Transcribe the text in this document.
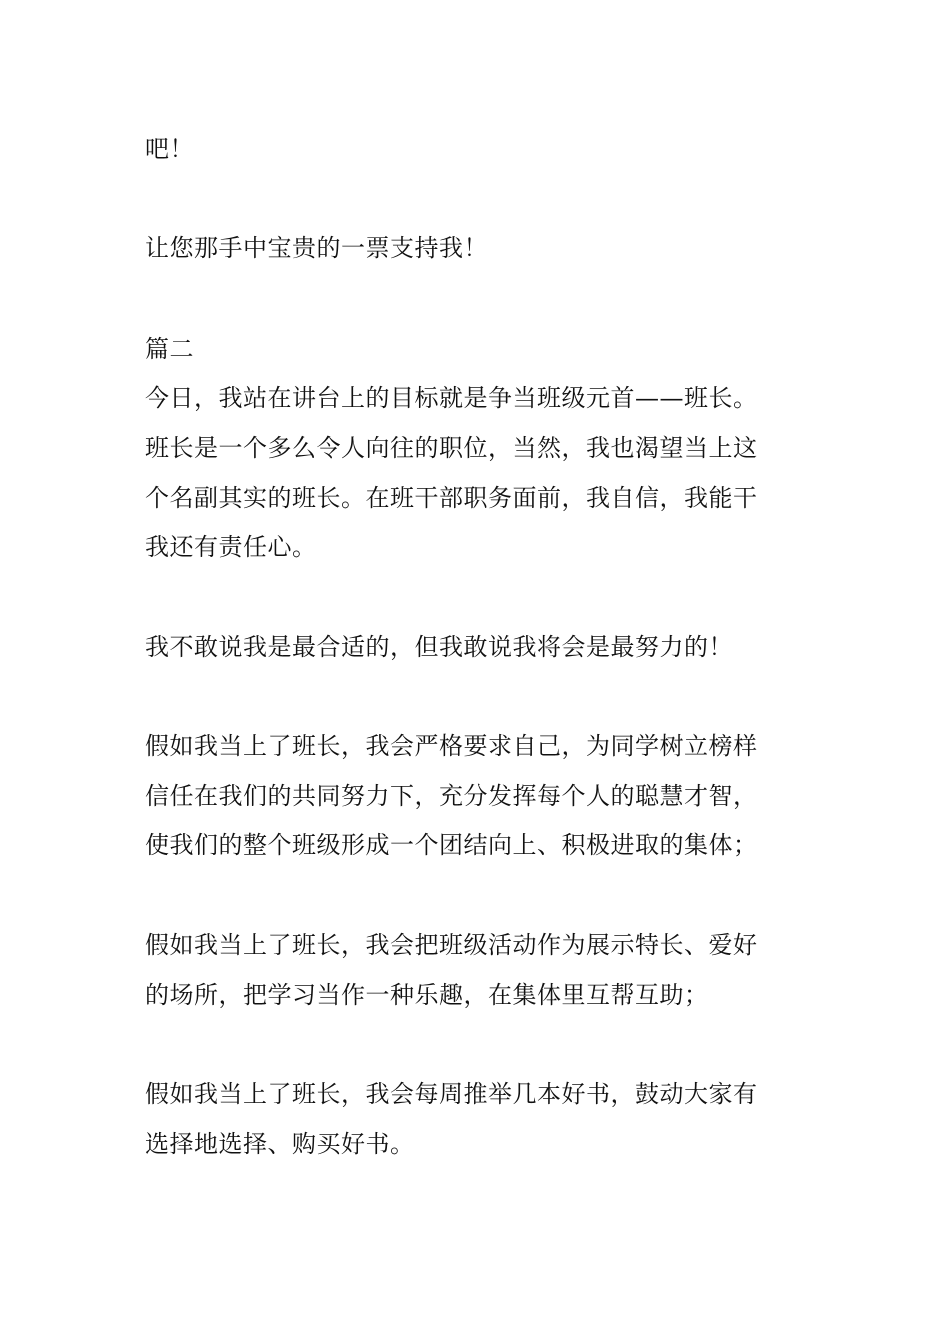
吧！
让您那手中宝贵的一票支持我！
篇二
今日，我站在讲台上的目标就是争当班级元首——班长。
班长是一个多么令人向往的职位，当然，我也渴望当上这
个名副其实的班长。在班干部职务面前，我自信，我能干
我还有责任心。
我不敢说我是最合适的，但我敢说我将会是最努力的！
假如我当上了班长，我会严格要求自己，为同学树立榜样
信任在我们的共同努力下，充分发挥每个人的聪慧才智，
使我们的整个班级形成一个团结向上、积极进取的集体；
假如我当上了班长，我会把班级活动作为展示特长、爱好
的场所，把学习当作一种乐趣，在集体里互帮互助；
假如我当上了班长，我会每周推举几本好书，鼓动大家有
选择地选择、购买好书。
